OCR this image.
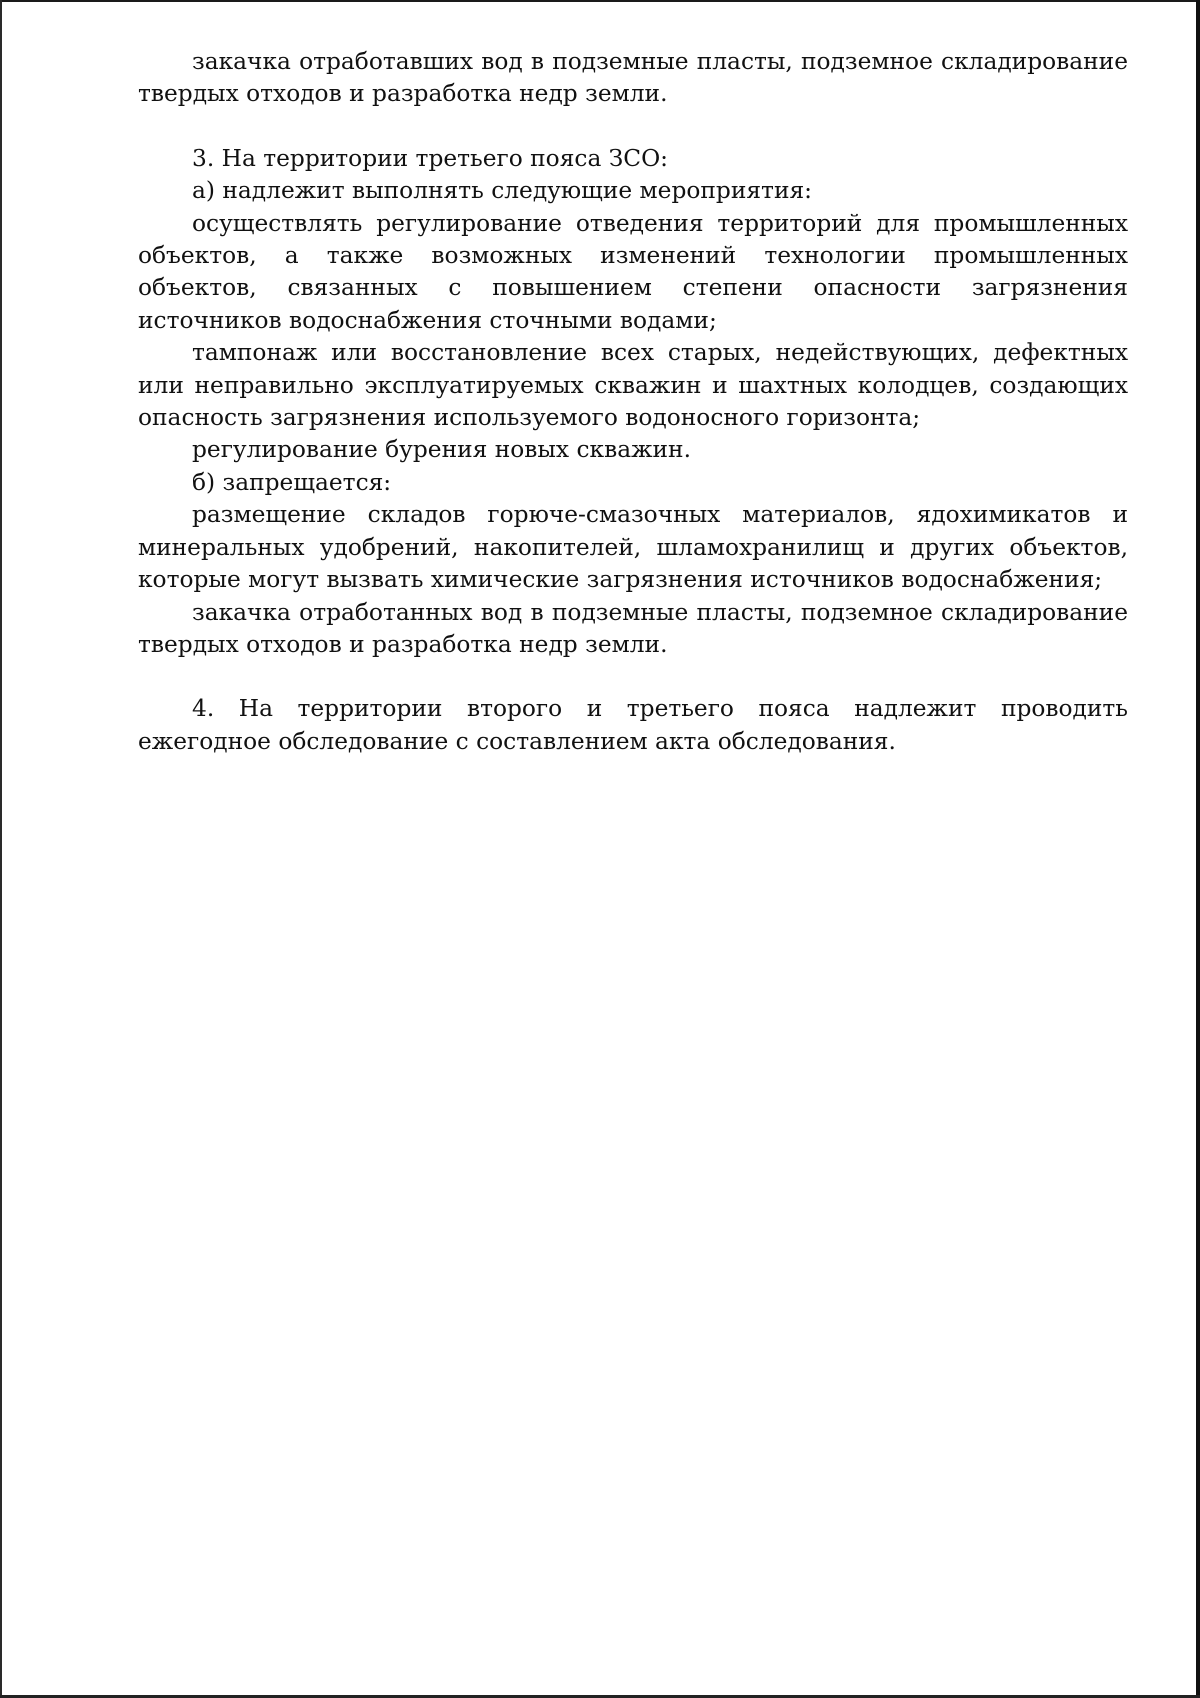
закачка отработавших вод в подземные пласты, подземное складирование твердых отходов и разработка недр земли.

3. На территории третьего пояса ЗСО:

а) надлежит выполнять следующие мероприятия:

осуществлять регулирование отведения территорий для промышленных объектов, а также возможных изменений технологии промышленных объектов, связанных с повышением степени опасности загрязнения источников водоснабжения сточными водами;

тампонаж или восстановление всех старых, недействующих, дефектных или неправильно эксплуатируемых скважин и шахтных колодцев, создающих опасность загрязнения используемого водоносного горизонта;

регулирование бурения новых скважин.

б) запрещается:

размещение складов горюче-смазочных материалов, ядохимикатов и минеральных удобрений, накопителей, шламохранилищ и других объектов, которые могут вызвать химические загрязнения источников водоснабжения;

закачка отработанных вод в подземные пласты, подземное складирование твердых отходов и разработка недр земли.

4. На территории второго и третьего пояса надлежит проводить ежегодное обследование с составлением акта обследования.
